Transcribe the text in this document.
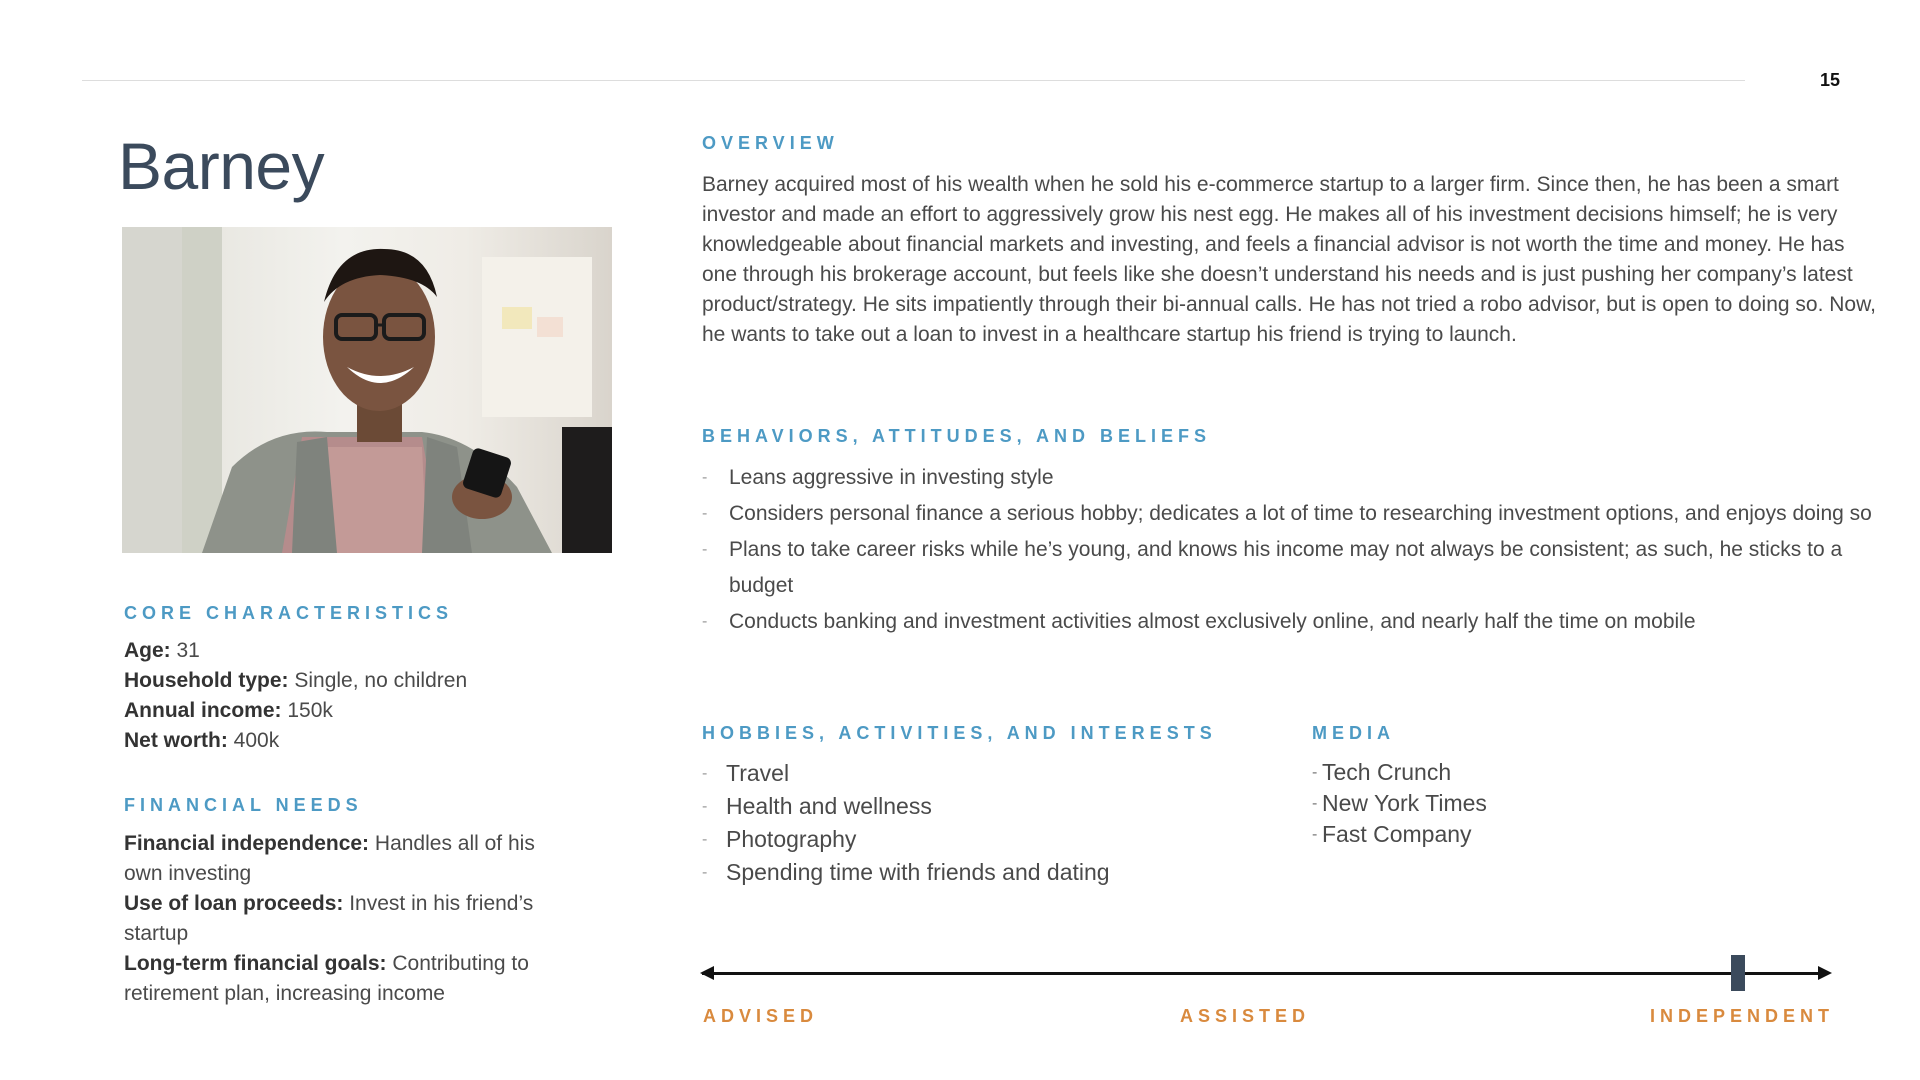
15
Barney
CORE CHARACTERISTICS

Age: 31

Household type: Single, no children

Annual income: 150k

Net worth: 400k

FINANCIAL NEEDS

Financial independence: Handles all of his own investing

Use of loan proceeds: Invest in his friend’s startup

Long-term financial goals: Contributing to retirement plan, increasing income

OVERVIEW
Barney acquired most of his wealth when he sold his e-commerce startup to a larger firm. Since then, he has been a smart investor and made an effort to aggressively grow his nest egg. He makes all of his investment decisions himself; he is very knowledgeable about financial markets and investing, and feels a financial advisor is not worth the time and money. He has one through his brokerage account, but feels like she doesn’t understand his needs and is just pushing her company’s latest product/strategy. He sits impatiently through their bi-annual calls. He has not tried a robo advisor, but is open to doing so. Now, he wants to take out a loan to invest in a healthcare startup his friend is trying to launch.
BEHAVIORS, ATTITUDES, AND BELIEFS
- Leans aggressive in investing style
- Considers personal finance a serious hobby; dedicates a lot of time to researching investment options, and enjoys doing so
- Plans to take career risks while he’s young, and knows his income may not always be consistent; as such, he sticks to a budget
- Conducts banking and investment activities almost exclusively online, and nearly half the time on mobile
HOBBIES, ACTIVITIES, AND INTERESTS
- Travel
- Health and wellness
- Photography
- Spending time with friends and dating
MEDIA
- Tech Crunch
- New York Times
- Fast Company
ADVISED	ASSISTED	INDEPENDENT
